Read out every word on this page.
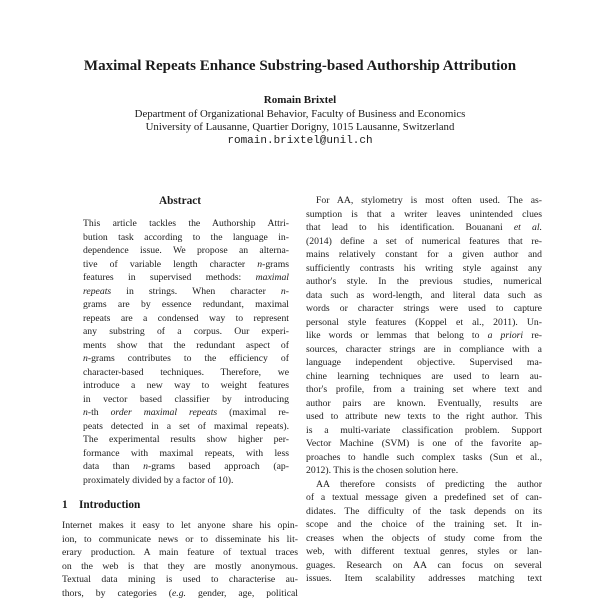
Maximal Repeats Enhance Substring-based Authorship Attribution
Romain Brixtel
Department of Organizational Behavior, Faculty of Business and Economics
University of Lausanne, Quartier Dorigny, 1015 Lausanne, Switzerland
romain.brixtel@unil.ch
Abstract
This article tackles the Authorship Attri-
bution task according to the language in-
dependence issue. We propose an alterna-
tive of variable length character n-grams
features in supervised methods: maximal
repeats in strings. When character n-
grams are by essence redundant, maximal
repeats are a condensed way to represent
any substring of a corpus. Our experi-
ments show that the redundant aspect of
n-grams contributes to the efficiency of
character-based techniques. Therefore, we
introduce a new way to weight features
in vector based classifier by introducing
n-th order maximal repeats (maximal re-
peats detected in a set of maximal repeats).
The experimental results show higher per-
formance with maximal repeats, with less
data than n-grams based approach (ap-
proximately divided by a factor of 10).
1 Introduction
Internet makes it easy to let anyone share his opin-
ion, to communicate news or to disseminate his lit-
erary production. A main feature of textual traces
on the web is that they are mostly anonymous.
Textual data mining is used to characterise au-
thors, by categories (e.g. gender, age, political
For AA, stylometry is most often used. The as-
sumption is that a writer leaves unintended clues
that lead to his identification. Bouanani et al.
(2014) define a set of numerical features that re-
mains relatively constant for a given author and
sufficiently contrasts his writing style against any
author's style. In the previous studies, numerical
data such as word-length, and literal data such as
words or character strings were used to capture
personal style features (Koppel et al., 2011). Un-
like words or lemmas that belong to a priori re-
sources, character strings are in compliance with a
language independent objective. Supervised ma-
chine learning techniques are used to learn au-
thor's profile, from a training set where text and
author pairs are known. Eventually, results are
used to attribute new texts to the right author. This
is a multi-variate classification problem. Support
Vector Machine (SVM) is one of the favorite ap-
proaches to handle such complex tasks (Sun et al.,
2012). This is the chosen solution here.
AA therefore consists of predicting the author
of a textual message given a predefined set of can-
didates. The difficulty of the task depends on its
scope and the choice of the training set. It in-
creases when the objects of study come from the
web, with different textual genres, styles or lan-
guages. Research on AA can focus on several
issues. Item scalability addresses matching text
